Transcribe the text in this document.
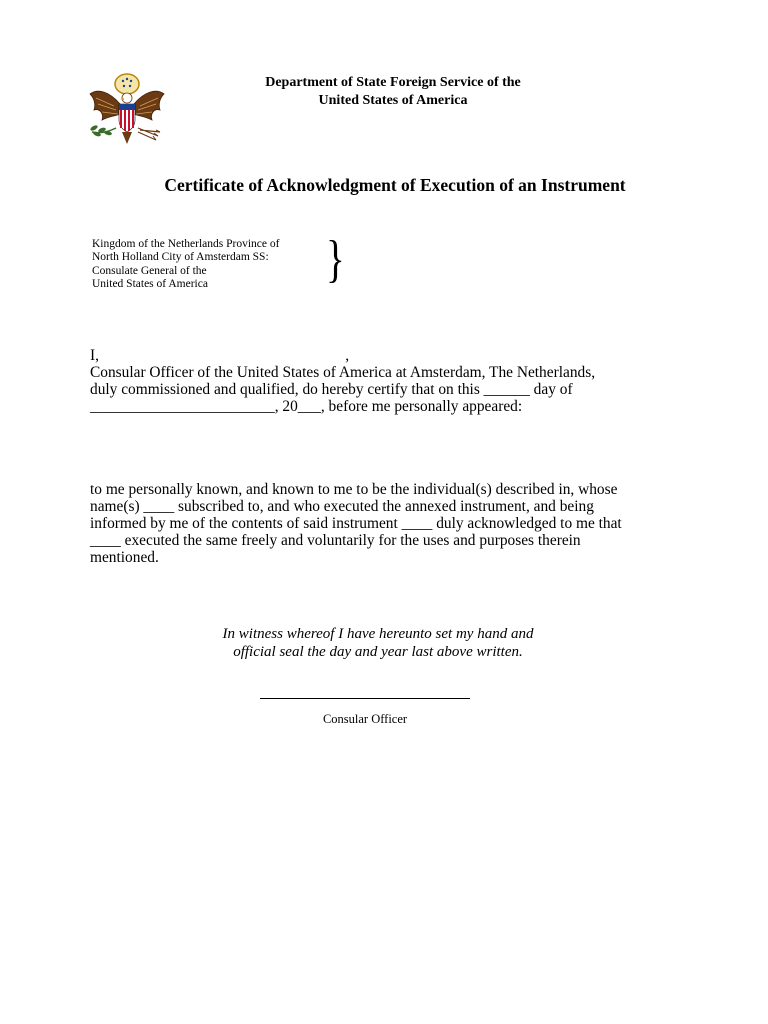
Department of State Foreign Service of the
United States of America
Certificate of Acknowledgment of Execution of an Instrument
Kingdom of the Netherlands Province of
North Holland City of Amsterdam SS:
Consulate General of the
United States of America }
I,                                                                ,
Consular Officer of the United States of America at Amsterdam, The Netherlands,
duly commissioned and qualified, do hereby certify that on this ______ day of
________________________, 20___, before me personally appeared:
to me personally known, and known to me to be the individual(s) described in, whose
name(s) ____ subscribed to, and who executed the annexed instrument, and being
informed by me of the contents of said instrument ____ duly acknowledged to me that
____ executed the same freely and voluntarily for the uses and purposes therein
mentioned.
In witness whereof I have hereunto set my hand and
official seal the day and year last above written.
Consular Officer
